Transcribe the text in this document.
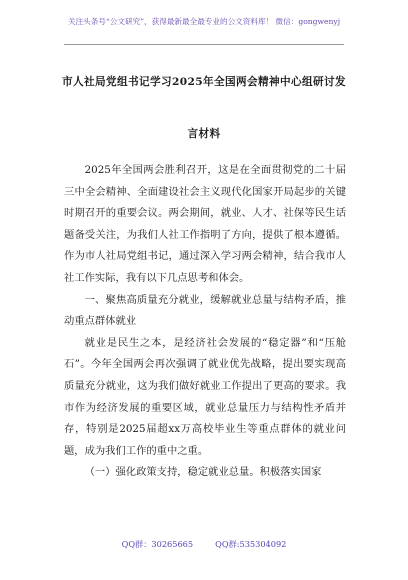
关注头条号“公文研究”，获得最新最全最专业的公文资料库！ 微信：gongwenyj
市人社局党组书记学习2025年全国两会精神中心组研讨发
言材料

2025年全国两会胜利召开，这是在全面贯彻党的二十届三中全会精神、全面建设社会主义现代化国家开局起步的关键时期召开的重要会议。两会期间，就业、人才、社保等民生话题备受关注，为我们人社工作指明了方向，提供了根本遵循。作为市人社局党组书记，通过深入学习两会精神，结合我市人社工作实际，我有以下几点思考和体会。

一、聚焦高质量充分就业，缓解就业总量与结构矛盾，推动重点群体就业

就业是民生之本，是经济社会发展的“稳定器”和“压舱石”。今年全国两会再次强调了就业优先战略，提出要实现高质量充分就业，这为我们做好就业工作提出了更高的要求。我市作为经济发展的重要区域，就业总量压力与结构性矛盾并存，特别是2025届超xx万高校毕业生等重点群体的就业问题，成为我们工作的重中之重。

（一）强化政策支持，稳定就业总量。积极落实国家

QQ群：30265665	QQ群:535304092
